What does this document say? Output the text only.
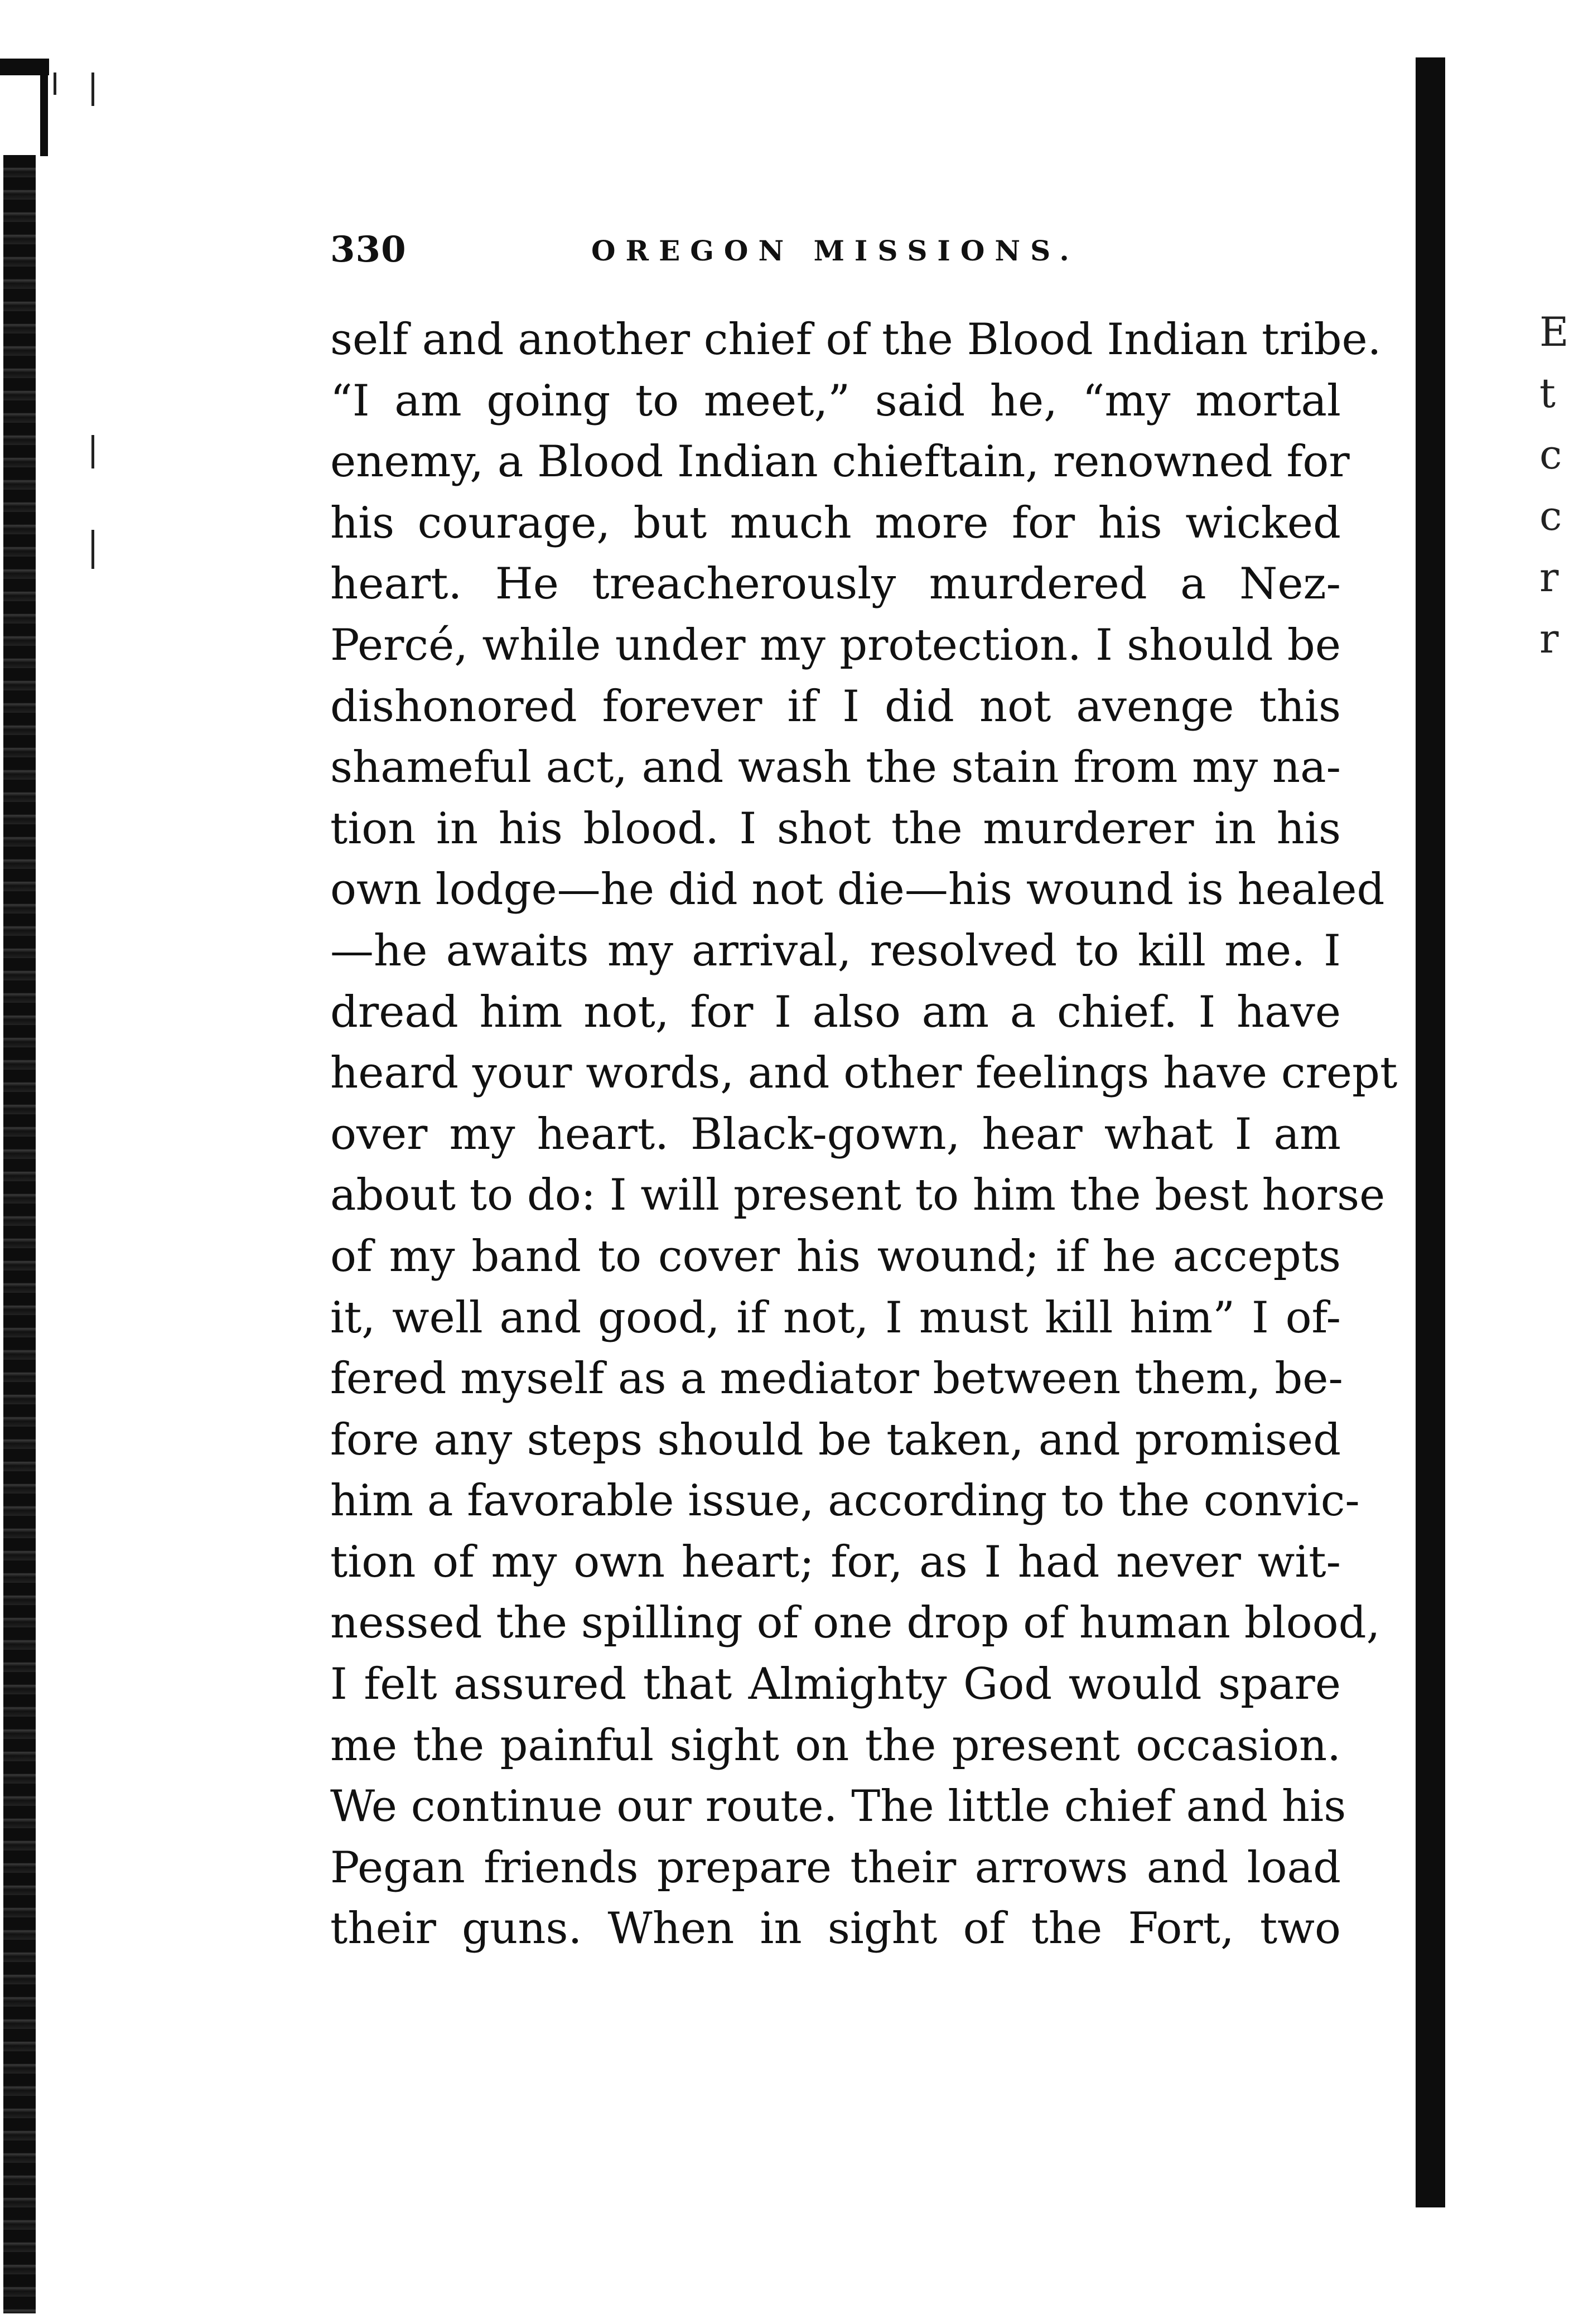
E
t
c
c
r
r
330	OREGON MISSIONS.
self and another chief of the Blood Indian tribe.
“I am going to meet,” said he, “my mortal
enemy, a Blood Indian chieftain, renowned for
his courage, but much more for his wicked
heart. He treacherously murdered a Nez-
Percé, while under my protection. I should be
dishonored forever if I did not avenge this
shameful act, and wash the stain from my na-
tion in his blood. I shot the murderer in his
own lodge—he did not die—his wound is healed
—he awaits my arrival, resolved to kill me. I
dread him not, for I also am a chief. I have
heard your words, and other feelings have crept
over my heart. Black-gown, hear what I am
about to do: I will present to him the best horse
of my band to cover his wound; if he accepts
it, well and good, if not, I must kill him” I of-
fered myself as a mediator between them, be-
fore any steps should be taken, and promised
him a favorable issue, according to the convic-
tion of my own heart; for, as I had never wit-
nessed the spilling of one drop of human blood,
I felt assured that Almighty God would spare
me the painful sight on the present occasion.
We continue our route. The little chief and his
Pegan friends prepare their arrows and load
their guns. When in sight of the Fort, two
